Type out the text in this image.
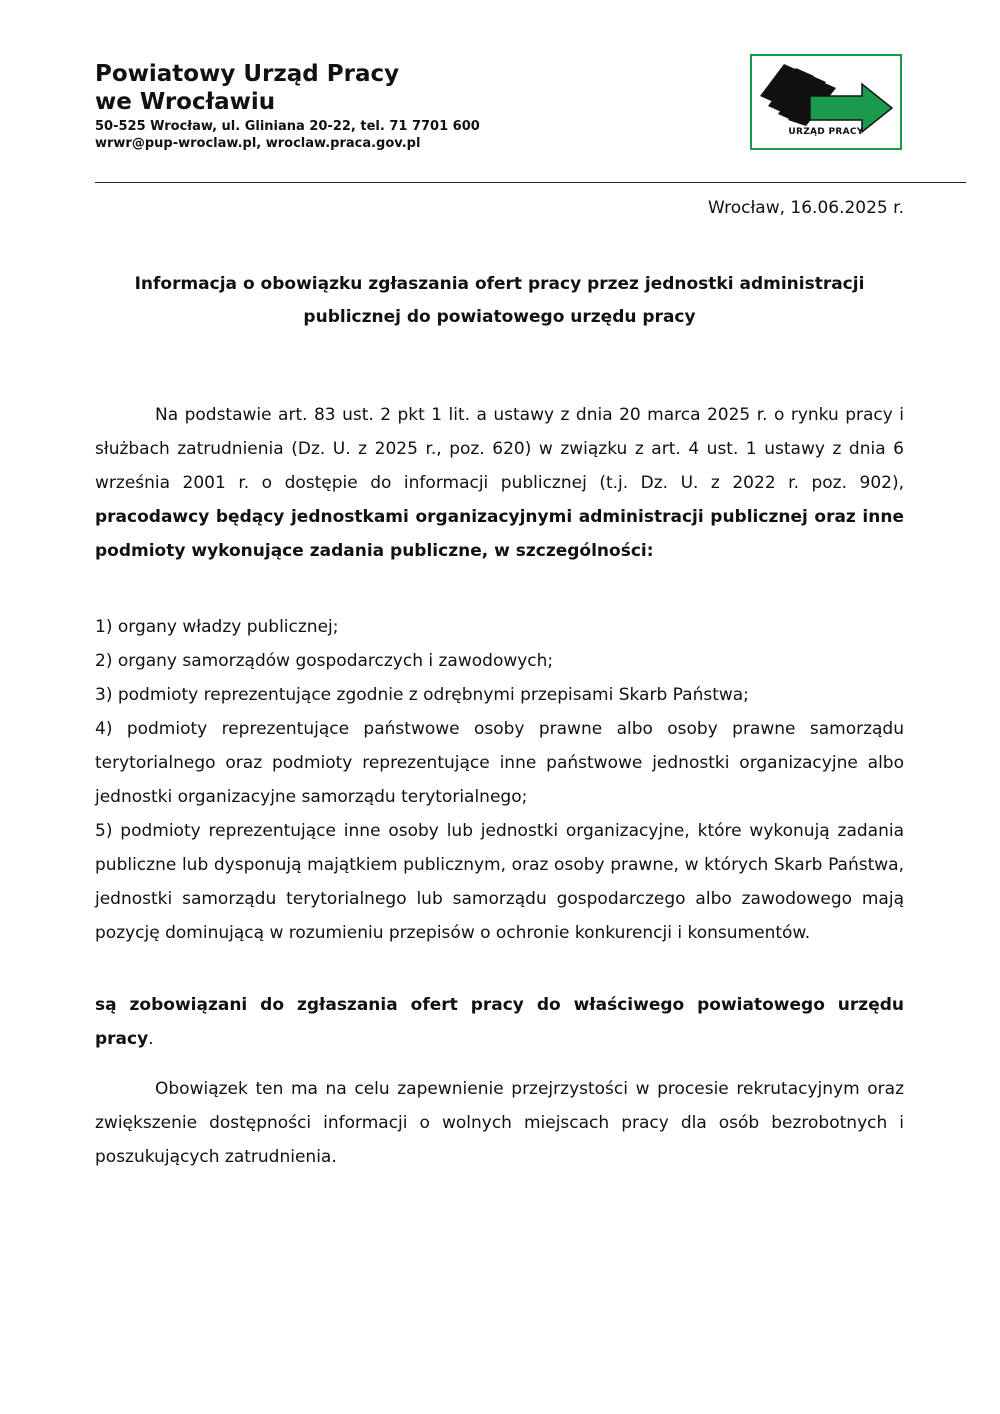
Powiatowy Urząd Pracy

we Wrocławiu

50-525 Wrocław, ul. Gliniana 20-22, tel. 71 7701 600

wrwr@pup-wroclaw.pl, wroclaw.praca.gov.pl

URZĄD PRACY
Wrocław, 16.06.2025 r.

Informacja o obowiązku zgłaszania ofert pracy przez jednostki administracji publicznej do powiatowego urzędu pracy

Na podstawie art. 83 ust. 2 pkt 1 lit. a ustawy z dnia 20 marca 2025 r. o rynku pracy i służbach zatrudnienia (Dz. U. z 2025 r., poz. 620) w związku z art. 4 ust. 1 ustawy z dnia 6 września 2001 r. o dostępie do informacji publicznej (t.j. Dz. U. z 2022 r. poz. 902), pracodawcy będący jednostkami organizacyjnymi administracji publicznej oraz inne podmioty wykonujące zadania publiczne, w szczególności:

1) organy władzy publicznej;
2) organy samorządów gospodarczych i zawodowych;
3) podmioty reprezentujące zgodnie z odrębnymi przepisami Skarb Państwa;
4) podmioty reprezentujące państwowe osoby prawne albo osoby prawne samorządu terytorialnego oraz podmioty reprezentujące inne państwowe jednostki organizacyjne albo jednostki organizacyjne samorządu terytorialnego;
5) podmioty reprezentujące inne osoby lub jednostki organizacyjne, które wykonują zadania publiczne lub dysponują majątkiem publicznym, oraz osoby prawne, w których Skarb Państwa, jednostki samorządu terytorialnego lub samorządu gospodarczego albo zawodowego mają pozycję dominującą w rozumieniu przepisów o ochronie konkurencji i konsumentów.

są zobowiązani do zgłaszania ofert pracy do właściwego powiatowego urzędu pracy.

Obowiązek ten ma na celu zapewnienie przejrzystości w procesie rekrutacyjnym oraz zwiększenie dostępności informacji o wolnych miejscach pracy dla osób bezrobotnych i poszukujących zatrudnienia.
